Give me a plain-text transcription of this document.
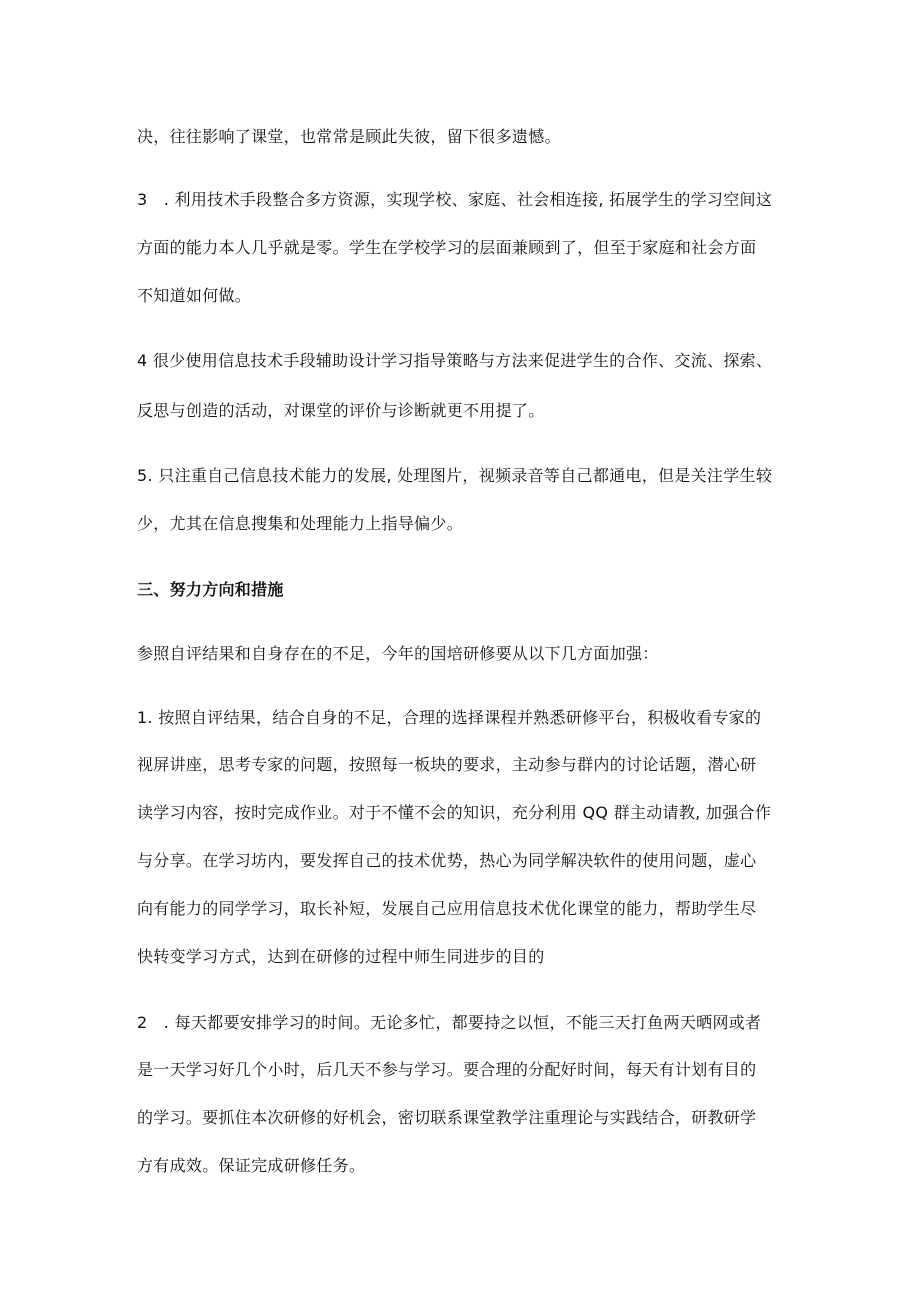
决，往往影响了课堂，也常常是顾此失彼，留下很多遗憾。
3　. 利用技术手段整合多方资源，实现学校、家庭、社会相连接, 拓展学生的学习空间这
方面的能力本人几乎就是零。学生在学校学习的层面兼顾到了，但至于家庭和社会方面
不知道如何做。
4 很少使用信息技术手段辅助设计学习指导策略与方法来促进学生的合作、交流、探索、
反思与创造的活动，对课堂的评价与诊断就更不用提了。
5. 只注重自己信息技术能力的发展, 处理图片，视频录音等自己都通电，但是关注学生较
少，尤其在信息搜集和处理能力上指导偏少。
三、努力方向和措施
参照自评结果和自身存在的不足，今年的国培研修要从以下几方面加强：
1. 按照自评结果，结合自身的不足，合理的选择课程并熟悉研修平台，积极收看专家的
视屏讲座，思考专家的问题，按照每一板块的要求，主动参与群内的讨论话题，潜心研
读学习内容，按时完成作业。对于不懂不会的知识，充分利用 QQ 群主动请教, 加强合作
与分享。在学习坊内，要发挥自己的技术优势，热心为同学解决软件的使用问题，虚心
向有能力的同学学习，取长补短，发展自己应用信息技术优化课堂的能力，帮助学生尽
快转变学习方式，达到在研修的过程中师生同进步的目的
2　. 每天都要安排学习的时间。无论多忙，都要持之以恒，不能三天打鱼两天晒网或者
是一天学习好几个小时，后几天不参与学习。要合理的分配好时间，每天有计划有目的
的学习。要抓住本次研修的好机会，密切联系课堂教学注重理论与实践结合，研教研学
方有成效。保证完成研修任务。
